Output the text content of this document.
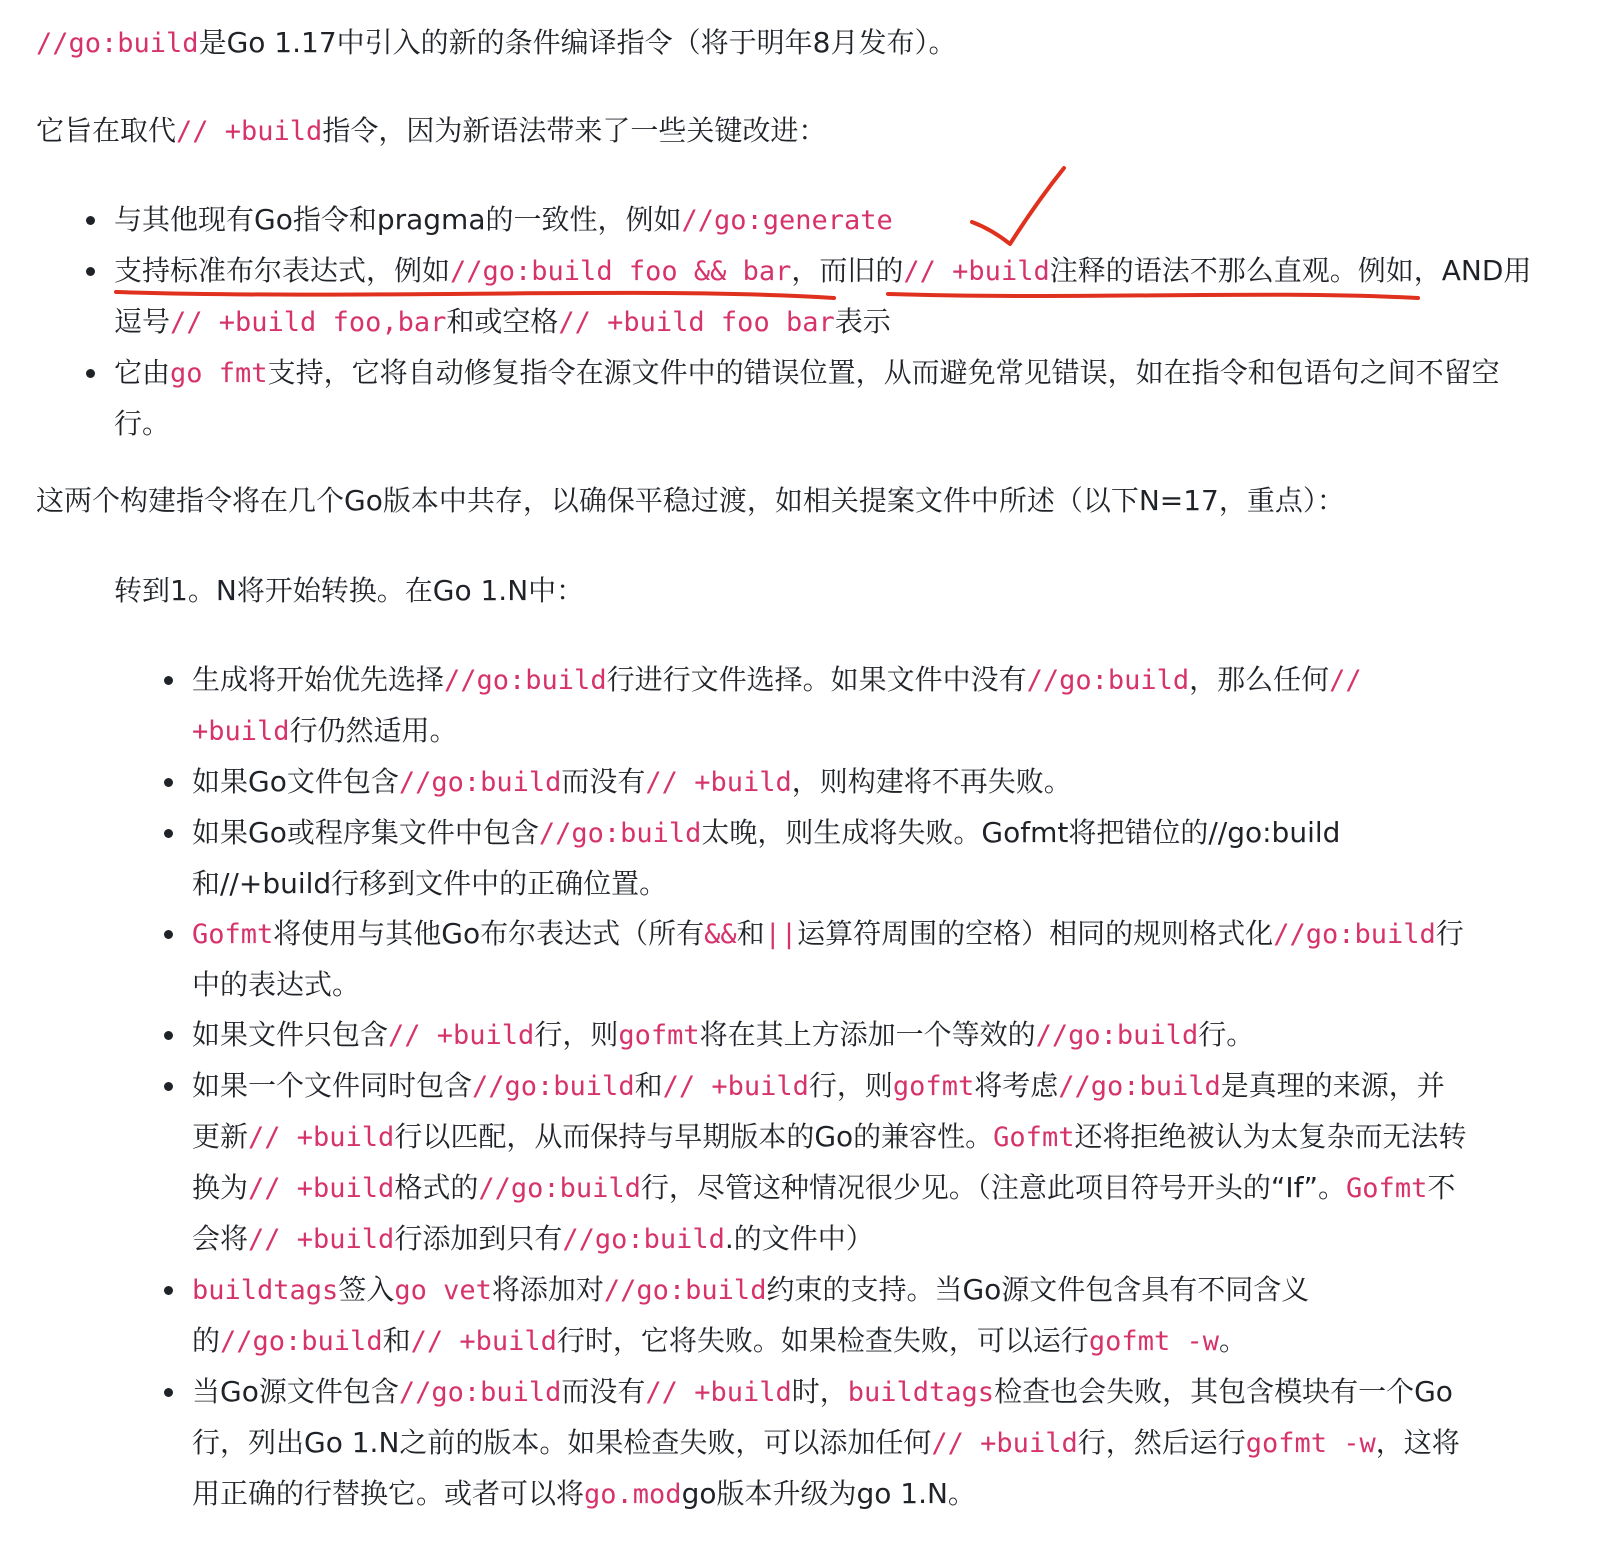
//go:build是Go 1.17中引入的新的条件编译指令（将于明年8月发布）。

它旨在取代// +build指令，因为新语法带来了一些关键改进：

与其他现有Go指令和pragma的一致性，例如//go:generate
支持标准布尔表达式，例如//go:build foo && bar，而旧的// +build注释的语法不那么直观。例如，AND用逗号// +build foo,bar和或空格// +build foo bar表示
它由go fmt支持，它将自动修复指令在源文件中的错误位置，从而避免常见错误，如在指令和包语句之间不留空行。

这两个构建指令将在几个Go版本中共存，以确保平稳过渡，如相关提案文件中所述（以下N=17，重点）：

转到1。N将开始转换。在Go 1.N中：

生成将开始优先选择//go:build行进行文件选择。如果文件中没有//go:build，那么任何// +build行仍然适用。
如果Go文件包含//go:build而没有// +build，则构建将不再失败。
如果Go或程序集文件中包含//go:build太晚，则生成将失败。Gofmt将把错位的//go:build和//+build行移到文件中的正确位置。
Gofmt将使用与其他Go布尔表达式（所有&&和||运算符周围的空格）相同的规则格式化//go:build行中的表达式。
如果文件只包含// +build行，则gofmt将在其上方添加一个等效的//go:build行。
如果一个文件同时包含//go:build和// +build行，则gofmt将考虑//go:build是真理的来源，并更新// +build行以匹配，从而保持与早期版本的Go的兼容性。Gofmt还将拒绝被认为太复杂而无法转换为// +build格式的//go:build行，尽管这种情况很少见。（注意此项目符号开头的“If”。Gofmt不会将// +build行添加到只有//go:build.的文件中）
buildtags签入go vet将添加对//go:build约束的支持。当Go源文件包含具有不同含义的//go:build和// +build行时，它将失败。如果检查失败，可以运行gofmt -w。
当Go源文件包含//go:build而没有// +build时，buildtags检查也会失败，其包含模块有一个Go行，列出Go 1.N之前的版本。如果检查失败，可以添加任何// +build行，然后运行gofmt -w，这将用正确的行替换它。或者可以将go.modgo版本升级为go 1.N。
